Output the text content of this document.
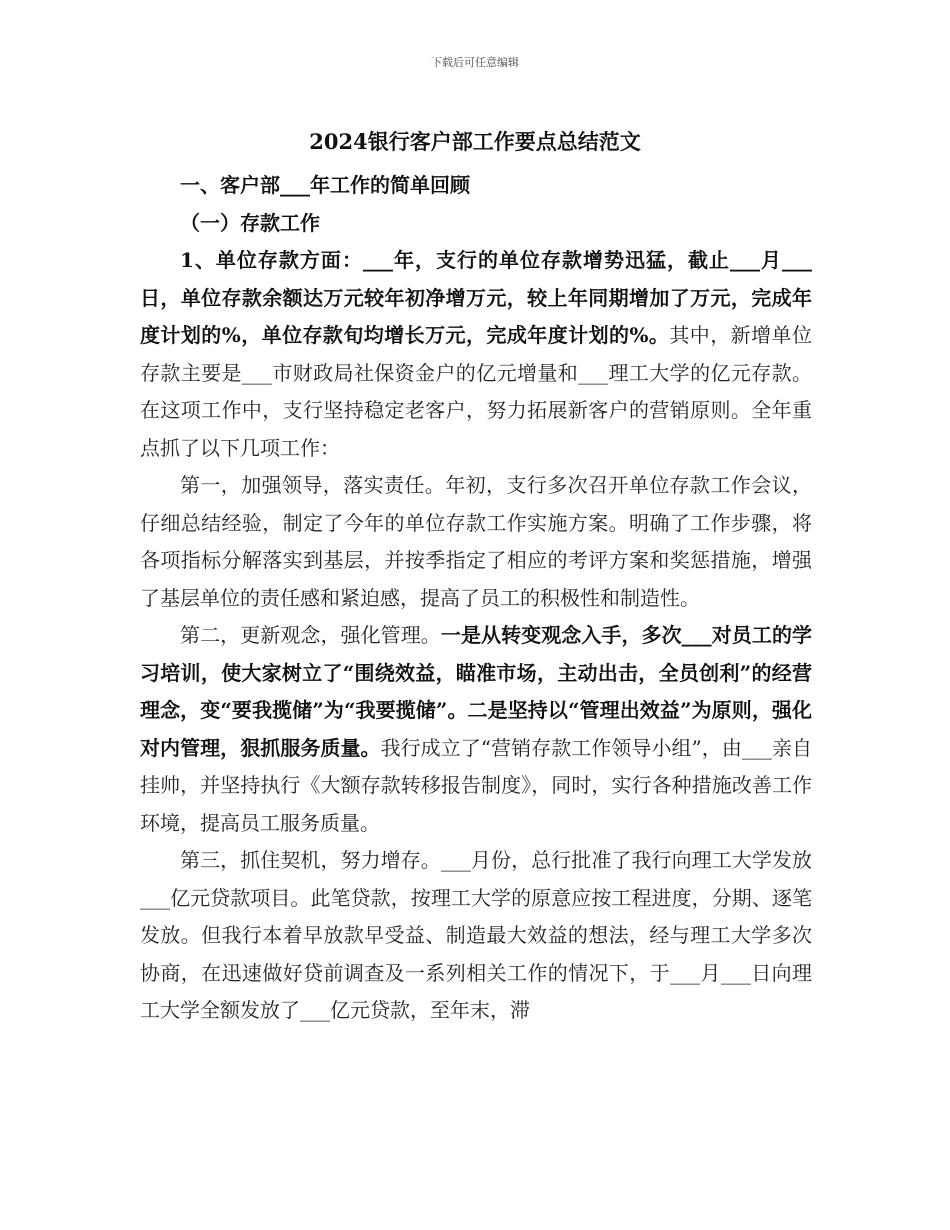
下载后可任意编辑
2024银行客户部工作要点总结范文

一、客户部___年工作的简单回顾

（一）存款工作

1、单位存款方面：___年，支行的单位存款增势迅猛，截止___月___日，单位存款余额达万元较年初净增万元，较上年同期增加了万元，完成年度计划的%，单位存款旬均增长万元，完成年度计划的%。其中，新增单位存款主要是___市财政局社保资金户的亿元增量和___理工大学的亿元存款。在这项工作中，支行坚持稳定老客户，努力拓展新客户的营销原则。全年重点抓了以下几项工作：

第一，加强领导，落实责任。年初，支行多次召开单位存款工作会议，仔细总结经验，制定了今年的单位存款工作实施方案。明确了工作步骤，将各项指标分解落实到基层，并按季指定了相应的考评方案和奖惩措施，增强了基层单位的责任感和紧迫感，提高了员工的积极性和制造性。

第二，更新观念，强化管理。一是从转变观念入手，多次___对员工的学习培训，使大家树立了“围绕效益，瞄准市场，主动出击，全员创利”的经营理念，变“要我揽储”为“我要揽储”。二是坚持以“管理出效益”为原则，强化对内管理，狠抓服务质量。我行成立了“营销存款工作领导小组”，由___亲自挂帅，并坚持执行《大额存款转移报告制度》，同时，实行各种措施改善工作环境，提高员工服务质量。

第三，抓住契机，努力增存。___月份，总行批准了我行向理工大学发放___亿元贷款项目。此笔贷款，按理工大学的原意应按工程进度，分期、逐笔发放。但我行本着早放款早受益、制造最大效益的想法，经与理工大学多次协商，在迅速做好贷前调查及一系列相关工作的情况下，于___月___日向理工大学全额发放了___亿元贷款，至年末，滞
